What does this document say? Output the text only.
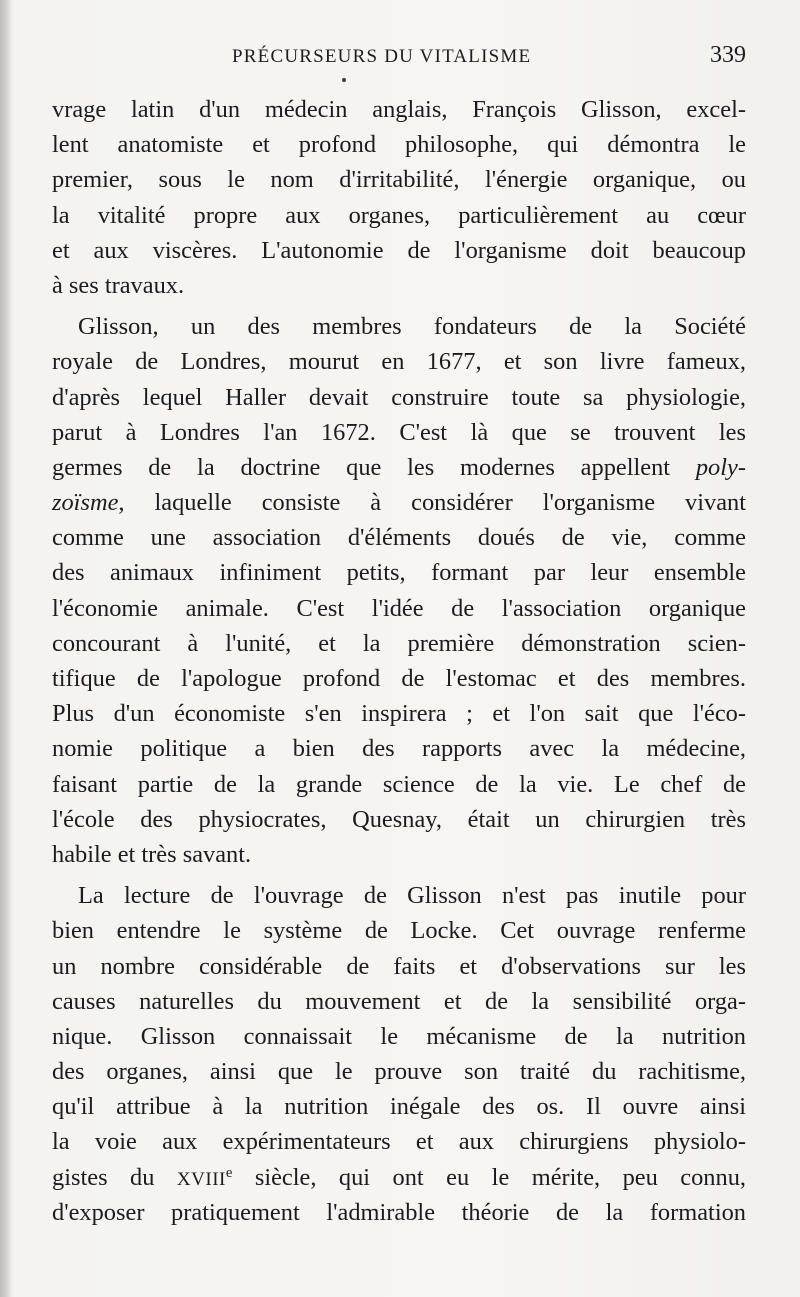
PRÉCURSEURS DU VITALISME	339
vrage latin d'un médecin anglais, François Glisson, excel-
lent anatomiste et profond philosophe, qui démontra le
premier, sous le nom d'irritabilité, l'énergie organique, ou
la vitalité propre aux organes, particulièrement au cœur
et aux viscères. L'autonomie de l'organisme doit beaucoup
à ses travaux.
Glisson, un des membres fondateurs de la Société
royale de Londres, mourut en 1677, et son livre fameux,
d'après lequel Haller devait construire toute sa physiologie,
parut à Londres l'an 1672. C'est là que se trouvent les
germes de la doctrine que les modernes appellent poly-
zoïsme, laquelle consiste à considérer l'organisme vivant
comme une association d'éléments doués de vie, comme
des animaux infiniment petits, formant par leur ensemble
l'économie animale. C'est l'idée de l'association organique
concourant à l'unité, et la première démonstration scien-
tifique de l'apologue profond de l'estomac et des membres.
Plus d'un économiste s'en inspirera ; et l'on sait que l'éco-
nomie politique a bien des rapports avec la médecine,
faisant partie de la grande science de la vie. Le chef de
l'école des physiocrates, Quesnay, était un chirurgien très
habile et très savant.
La lecture de l'ouvrage de Glisson n'est pas inutile pour
bien entendre le système de Locke. Cet ouvrage renferme
un nombre considérable de faits et d'observations sur les
causes naturelles du mouvement et de la sensibilité orga-
nique. Glisson connaissait le mécanisme de la nutrition
des organes, ainsi que le prouve son traité du rachitisme,
qu'il attribue à la nutrition inégale des os. Il ouvre ainsi
la voie aux expérimentateurs et aux chirurgiens physiolo-
gistes du XVIIIe siècle, qui ont eu le mérite, peu connu,
d'exposer pratiquement l'admirable théorie de la formation
